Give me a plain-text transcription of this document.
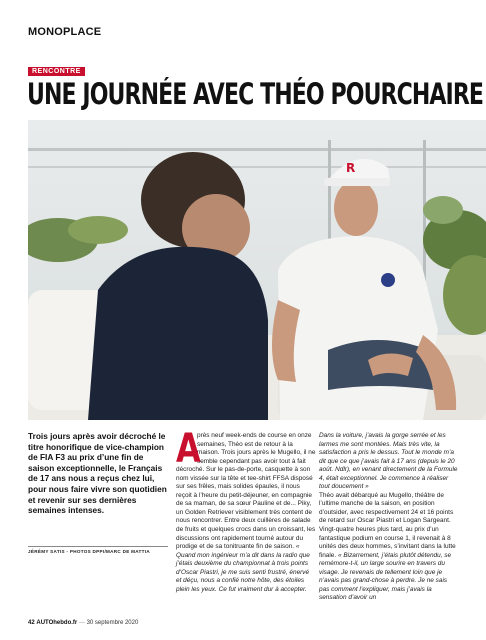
MONOPLACE
RENCONTRE
UNE JOURNÉE AVEC THÉO POURCHAIRE
R

Trois jours après avoir décroché le titre honorifique de vice-champion de FIA F3 au prix d’une fin de saison exceptionnelle, le Français de 17 ans nous a reçus chez lui, pour nous faire vivre son quotidien et revenir sur ses dernières semaines intenses.

JÉRÉMY SATIS - PHOTOS DPPI/MARC DE MATTIA
A
près neuf week-ends de course en onze semaines, Théo est de retour à la maison. Trois jours après le Mugello, il ne semble cependant pas avoir tout à fait décroché. Sur le pas-de-porte, casquette à son nom vissée sur la tête et tee-shirt FFSA disposé sur ses frêles, mais solides épaules, il nous reçoit à l’heure du petit-déjeuner, en compagnie de sa maman, de sa sœur Pauline et de... Piky, un Golden Retriever visiblement très content de nous rencontrer. Entre deux cuillères de salade de fruits et quelques crocs dans un croissant, les discussions ont rapidement tourné autour du prodige et de sa tonitruante fin de saison. « Quand mon ingénieur m’a dit dans la radio que j’étais deuxième du championnat à trois points d’Oscar Piastri, je me suis senti frustré, énervé et déçu, nous a confié notre hôte, des étoiles plein les yeux. Ce fut vraiment dur à accepter.
Dans la voiture, j’avais la gorge serrée et les larmes me sont montées. Mais très vite, la satisfaction a pris le dessus. Tout le monde m’a dit que ce que j’avais fait à 17 ans (depuis le 20 août. Ndlr), en venant directement de la Formule 4, était exceptionnel. Je commence à réaliser tout doucement »
Théo avait débarqué au Mugello, théâtre de l’ultime manche de la saison, en position d’outsider, avec respectivement 24 et 16 points de retard sur Oscar Piastri et Logan Sargeant. Vingt-quatre heures plus tard, au prix d’un fantastique podium en course 1, il revenait à 8 unités des deux hommes, s’invitant dans la lutte finale. « Bizarrement, j’étais plutôt détendu, se remémore-t-il, un large sourire en travers du visage. Je revenais de tellement loin que je n’avais pas grand-chose à perdre. Je ne sais pas comment l’expliquer, mais j’avais la sensation d’avoir un
42 AUTOhebdo.fr — 30 septembre 2020
